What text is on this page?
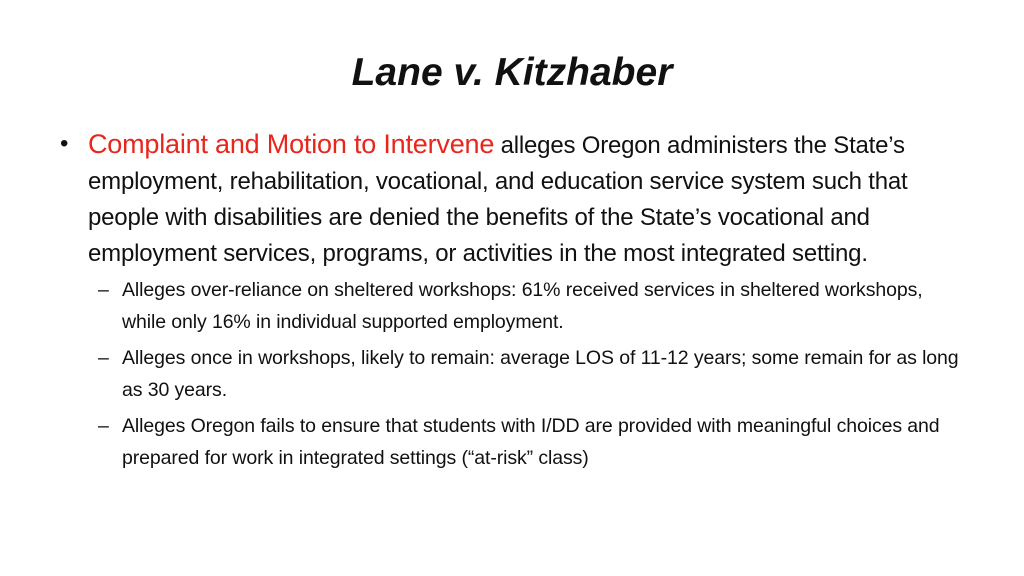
Lane v. Kitzhaber
• Complaint and Motion to Intervene alleges Oregon administers the State’s employment, rehabilitation, vocational, and education service system such that people with disabilities are denied the benefits of the State’s vocational and employment services, programs, or activities in the most integrated setting.
– Alleges over-reliance on sheltered workshops: 61% received services in sheltered workshops, while only 16% in individual supported employment.
– Alleges once in workshops, likely to remain: average LOS of 11-12 years; some remain for as long as 30 years.
– Alleges Oregon fails to ensure that students with I/DD are provided with meaningful choices and prepared for work in integrated settings (“at-risk” class)
